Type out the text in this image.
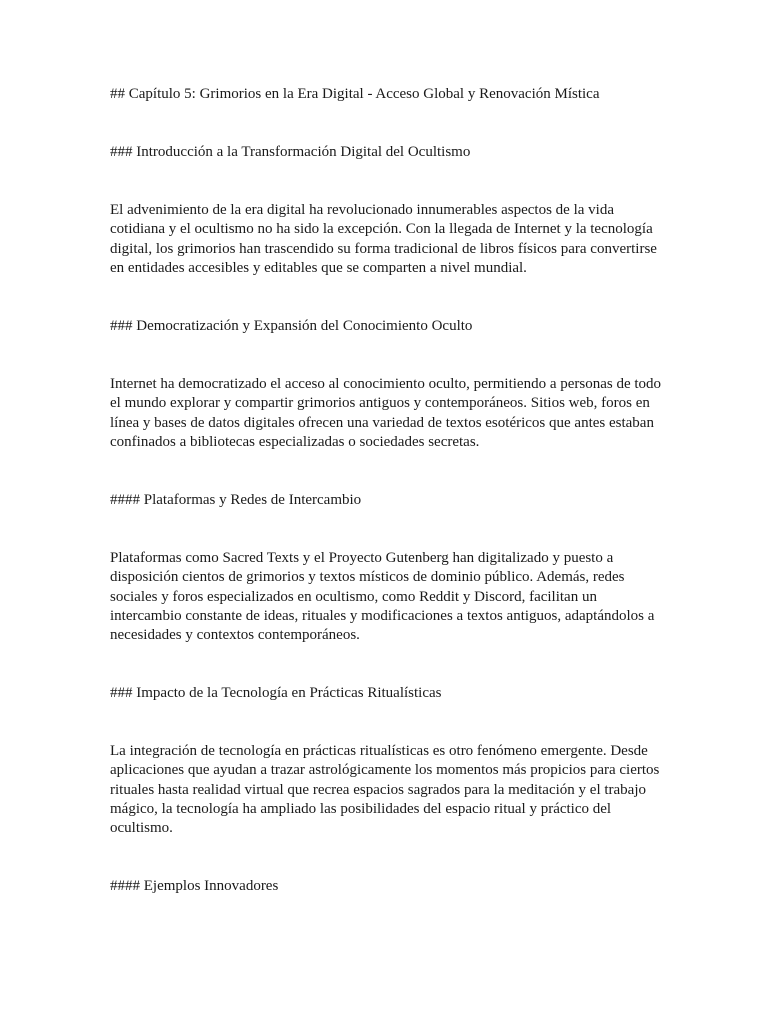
## Capítulo 5: Grimorios en la Era Digital - Acceso Global y Renovación Mística

### Introducción a la Transformación Digital del Ocultismo

El advenimiento de la era digital ha revolucionado innumerables aspectos de la vida cotidiana y el ocultismo no ha sido la excepción. Con la llegada de Internet y la tecnología digital, los grimorios han trascendido su forma tradicional de libros físicos para convertirse en entidades accesibles y editables que se comparten a nivel mundial.

### Democratización y Expansión del Conocimiento Oculto

Internet ha democratizado el acceso al conocimiento oculto, permitiendo a personas de todo el mundo explorar y compartir grimorios antiguos y contemporáneos. Sitios web, foros en línea y bases de datos digitales ofrecen una variedad de textos esotéricos que antes estaban confinados a bibliotecas especializadas o sociedades secretas.

#### Plataformas y Redes de Intercambio

Plataformas como Sacred Texts y el Proyecto Gutenberg han digitalizado y puesto a disposición cientos de grimorios y textos místicos de dominio público. Además, redes sociales y foros especializados en ocultismo, como Reddit y Discord, facilitan un intercambio constante de ideas, rituales y modificaciones a textos antiguos, adaptándolos a necesidades y contextos contemporáneos.

### Impacto de la Tecnología en Prácticas Ritualísticas

La integración de tecnología en prácticas ritualísticas es otro fenómeno emergente. Desde aplicaciones que ayudan a trazar astrológicamente los momentos más propicios para ciertos rituales hasta realidad virtual que recrea espacios sagrados para la meditación y el trabajo mágico, la tecnología ha ampliado las posibilidades del espacio ritual y práctico del ocultismo.

#### Ejemplos Innovadores
